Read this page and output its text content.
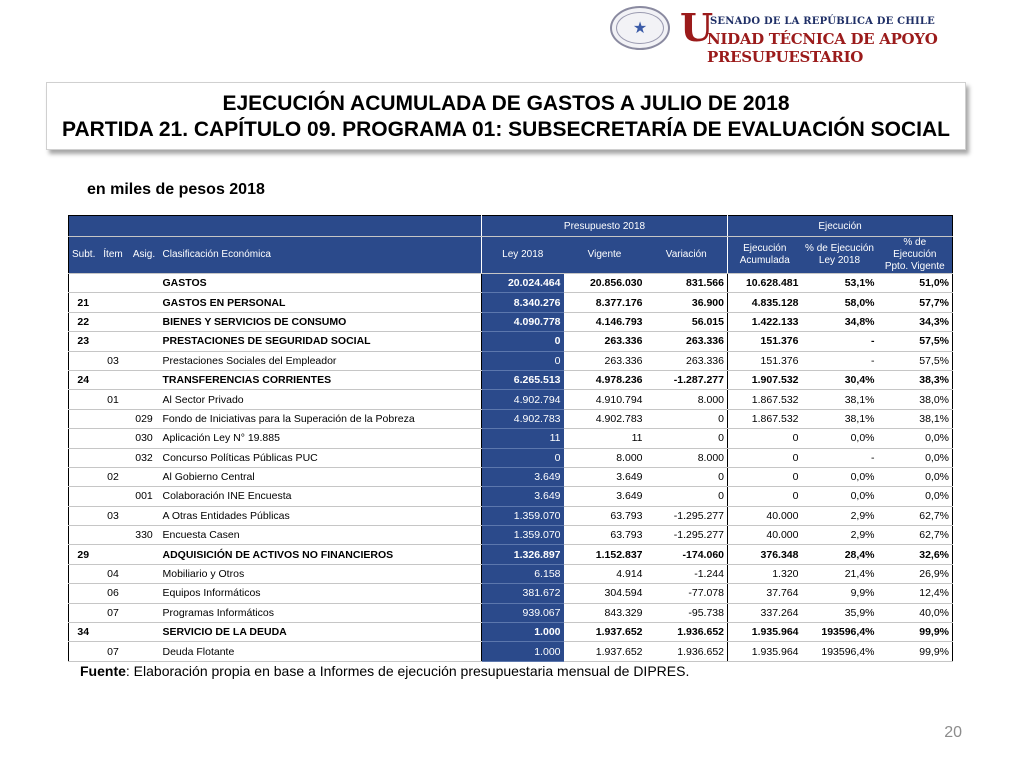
★ U
SENADO DE LA REPÚBLICA DE CHILE
NIDAD TÉCNICA DE APOYO PRESUPUESTARIO
EJECUCIÓN ACUMULADA DE GASTOS A JULIO DE 2018
PARTIDA 21. CAPÍTULO 09. PROGRAMA 01: SUBSECRETARÍA DE EVALUACIÓN SOCIAL
en miles de pesos 2018
				Presupuesto 2018			Ejecución		
Subt.	Ítem	Asig.	Clasificación Económica	Ley 2018	Vigente	Variación	Ejecución Acumulada	% de Ejecución Ley 2018	% de Ejecución Ppto. Vigente
			GASTOS	20.024.464	20.856.030	831.566	10.628.481	53,1%	51,0%
21			GASTOS EN PERSONAL	8.340.276	8.377.176	36.900	4.835.128	58,0%	57,7%
22			BIENES Y SERVICIOS DE CONSUMO	4.090.778	4.146.793	56.015	1.422.133	34,8%	34,3%
23			PRESTACIONES DE SEGURIDAD SOCIAL	0	263.336	263.336	151.376	-	57,5%
	03		Prestaciones Sociales del Empleador	0	263.336	263.336	151.376	-	57,5%
24			TRANSFERENCIAS CORRIENTES	6.265.513	4.978.236	-1.287.277	1.907.532	30,4%	38,3%
	01		Al Sector Privado	4.902.794	4.910.794	8.000	1.867.532	38,1%	38,0%
		029	Fondo de Iniciativas para la Superación de la Pobreza	4.902.783	4.902.783	0	1.867.532	38,1%	38,1%
		030	Aplicación Ley N° 19.885	11	11	0	0	0,0%	0,0%
		032	Concurso Políticas Públicas PUC	0	8.000	8.000	0	-	0,0%
	02		Al Gobierno Central	3.649	3.649	0	0	0,0%	0,0%
		001	Colaboración INE Encuesta	3.649	3.649	0	0	0,0%	0,0%
	03		A Otras Entidades Públicas	1.359.070	63.793	-1.295.277	40.000	2,9%	62,7%
		330	Encuesta Casen	1.359.070	63.793	-1.295.277	40.000	2,9%	62,7%
29			ADQUISICIÓN DE ACTIVOS NO FINANCIEROS	1.326.897	1.152.837	-174.060	376.348	28,4%	32,6%
	04		Mobiliario y Otros	6.158	4.914	-1.244	1.320	21,4%	26,9%
	06		Equipos Informáticos	381.672	304.594	-77.078	37.764	9,9%	12,4%
	07		Programas Informáticos	939.067	843.329	-95.738	337.264	35,9%	40,0%
34			SERVICIO DE LA DEUDA	1.000	1.937.652	1.936.652	1.935.964	193596,4%	99,9%
	07		Deuda Flotante	1.000	1.937.652	1.936.652	1.935.964	193596,4%	99,9%
Fuente: Elaboración propia en base a Informes de ejecución presupuestaria mensual de DIPRES.
20
